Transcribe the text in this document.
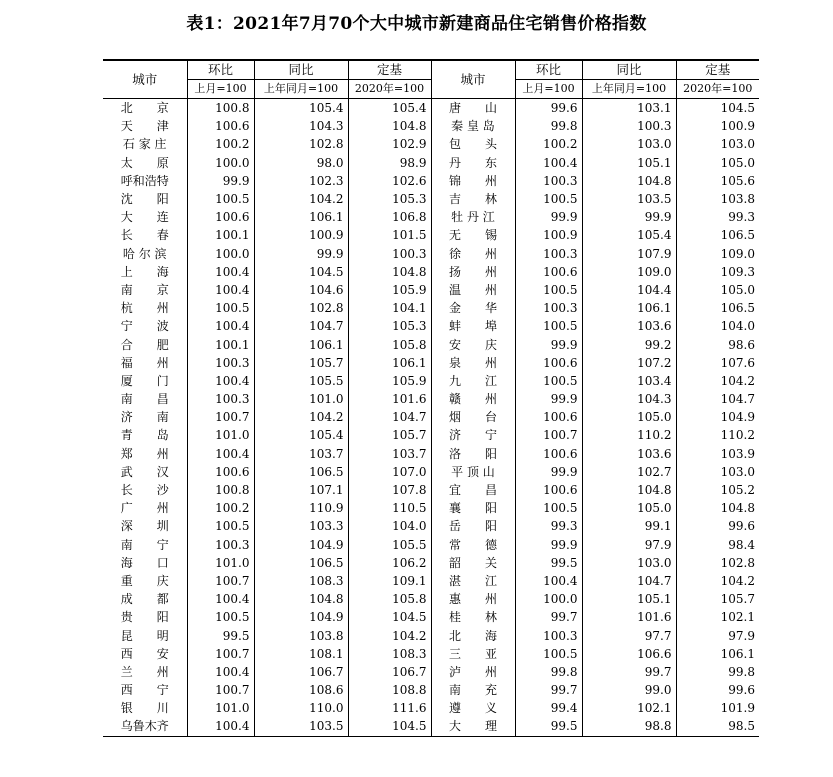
表1：2021年7月70个大中城市新建商品住宅销售价格指数
城市	环比	同比	定基	城市	环比	同比	定基
	上月=100	上年同月=100	2020年=100		上月=100	上年同月=100	2020年=100
北　　京	100.8	105.4	105.4	唐　　山	99.6	103.1	104.5
天　　津	100.6	104.3	104.8	秦 皇 岛	99.8	100.3	100.9
石 家 庄	100.2	102.8	102.9	包　　头	100.2	103.0	103.0
太　　原	100.0	98.0	98.9	丹　　东	100.4	105.1	105.0
呼和浩特	99.9	102.3	102.6	锦　　州	100.3	104.8	105.6
沈　　阳	100.5	104.2	105.3	吉　　林	100.5	103.5	103.8
大　　连	100.6	106.1	106.8	牡 丹 江	99.9	99.9	99.3
长　　春	100.1	100.9	101.5	无　　锡	100.9	105.4	106.5
哈 尔 滨	100.0	99.9	100.3	徐　　州	100.3	107.9	109.0
上　　海	100.4	104.5	104.8	扬　　州	100.6	109.0	109.3
南　　京	100.4	104.6	105.9	温　　州	100.5	104.4	105.0
杭　　州	100.5	102.8	104.1	金　　华	100.3	106.1	106.5
宁　　波	100.4	104.7	105.3	蚌　　埠	100.5	103.6	104.0
合　　肥	100.1	106.1	105.8	安　　庆	99.9	99.2	98.6
福　　州	100.3	105.7	106.1	泉　　州	100.6	107.2	107.6
厦　　门	100.4	105.5	105.9	九　　江	100.5	103.4	104.2
南　　昌	100.3	101.0	101.6	赣　　州	99.9	104.3	104.7
济　　南	100.7	104.2	104.7	烟　　台	100.6	105.0	104.9
青　　岛	101.0	105.4	105.7	济　　宁	100.7	110.2	110.2
郑　　州	100.4	103.7	103.7	洛　　阳	100.6	103.6	103.9
武　　汉	100.6	106.5	107.0	平 顶 山	99.9	102.7	103.0
长　　沙	100.8	107.1	107.8	宜　　昌	100.6	104.8	105.2
广　　州	100.2	110.9	110.5	襄　　阳	100.5	105.0	104.8
深　　圳	100.5	103.3	104.0	岳　　阳	99.3	99.1	99.6
南　　宁	100.3	104.9	105.5	常　　德	99.9	97.9	98.4
海　　口	101.0	106.5	106.2	韶　　关	99.5	103.0	102.8
重　　庆	100.7	108.3	109.1	湛　　江	100.4	104.7	104.2
成　　都	100.4	104.8	105.8	惠　　州	100.0	105.1	105.7
贵　　阳	100.5	104.9	104.5	桂　　林	99.7	101.6	102.1
昆　　明	99.5	103.8	104.2	北　　海	100.3	97.7	97.9
西　　安	100.7	108.1	108.3	三　　亚	100.5	106.6	106.1
兰　　州	100.4	106.7	106.7	泸　　州	99.8	99.7	99.8
西　　宁	100.7	108.6	108.8	南　　充	99.7	99.0	99.6
银　　川	101.0	110.0	111.6	遵　　义	99.4	102.1	101.9
乌鲁木齐	100.4	103.5	104.5	大　　理	99.5	98.8	98.5
